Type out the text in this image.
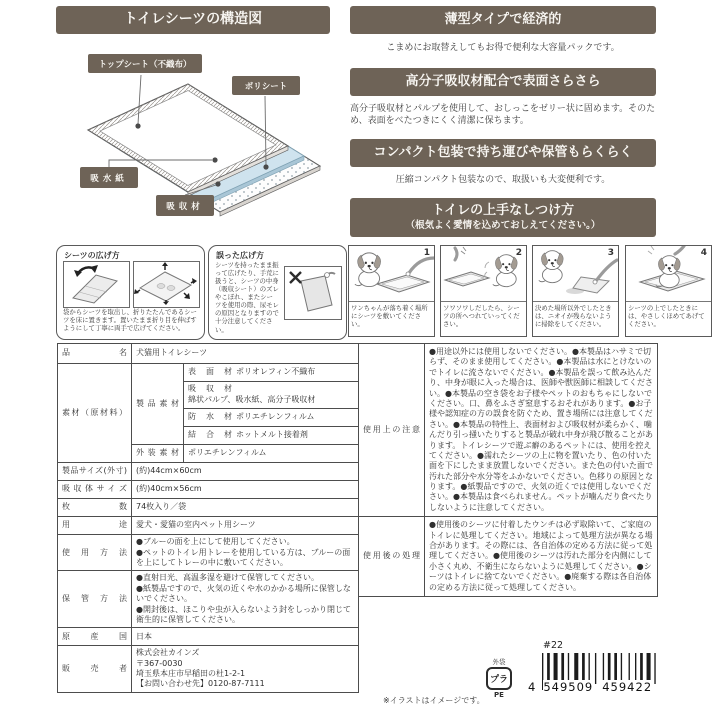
トイレシーツの構造図
トップシート（不織布）
ポリシート
吸水紙
吸収材
薄型タイプで経済的
こまめにお取替えしてもお得で便利な大容量パックです。
高分子吸収材配合で表面さらさら
高分子吸収材とパルプを使用して、おしっこをゼリー状に固めます。そのため、表面をべたつきにくく清潔に保ちます。
コンパクト包装で持ち運びや保管もらくらく
圧縮コンパクト包装なので、取扱いも大変便利です。
トイレの上手なしつけ方
（根気よく愛情を込めておしえてください。）
シーツの広げ方
袋からシーツを取出し、折りたたんであるシーツを床に置きます。置いたまま折り目を伸ばすようにして丁寧に両手で広げてください。
誤った広げ方
シーツを持ったまま振って広げたり、手荒に扱うと、シーツの中身（吸収シート）のズレやこぼれ、またシーツを使用の際、尿モレの原因となりますので十分注意してください。
1
ワンちゃんが落ち着く場所にシーツを敷いてください。
2
ソワソワしだしたら、シーツの所へつれていってください。
3
決めた場所以外でしたときは、ニオイが残らないように掃除をしてください。
4
シーツの上でしたときには、やさしくほめてあげてください。
品名	犬猫用トイレシーツ	

素材（原材料）	製品素材	表面材 ポリオレフィン不織布
		吸収材綿状パルプ、吸水紙、高分子吸収材
		防水材 ポリエチレンフィルム
		結合材 ホットメルト接着剤

	外装素材	ポリエチレンフィルム

製品サイズ(外寸)	(約)44cm×60cm	

吸収体サイズ	(約)40cm×56cm	

枚数	74枚入り／袋	

用途	愛犬・愛猫の室内ペット用シーツ	

使用方法	●ブルーの面を上にして使用してください。
●ペットのトイレ用トレーを使用している方は、ブルーの面を上にしてトレーの中に敷いてください。	

保管方法	●直射日光、高温多湿を避けて保管してください。
●紙製品ですので、火気の近くや水のかかる場所に保管しないでください。
●開封後は、ほこりや虫が入らないよう封をしっかり閉じて衛生的に保管してください。	

原産国	日本	

販売者	株式会社カインズ
〒367-0030
埼玉県本庄市早稲田の杜1-2-1
【お問い合わせ先】0120-87-7111	
使用上の注意	●用途以外には使用しないでください。●本製品はハサミで切らず、そのまま使用してください。●本製品は水にとけないのでトイレに流さないでください。●本製品を誤って飲み込んだり、中身が眼に入った場合は、医師や獣医師に相談してください。●本製品の空き袋をお子様やペットのおもちゃにしないでください。口、鼻をふさぎ窒息するおそれがあります。●お子様や認知症の方の誤食を防ぐため、置き場所には注意してください。●本製品の特性上、表面材および吸収材が柔らかく、噛んだり引っ掻いたりすると製品が破れ中身が飛び散ることがあります。トイレシーツで遊ぶ癖のあるペットには、使用を控えてください。●濡れたシーツの上に物を置いたり、色の付いた面を下にしたまま放置しないでください。また色の付いた面で汚れた部分や水分等をふかないでください。色移りの原因となります。●紙製品ですので、火気の近くでは使用しないでください。●本製品は食べられません。ペットが噛んだり食べたりしないように注意してください。

使用後の処理	●使用後のシーツに付着したウンチは必ず取除いて、ご家庭のトイレに処理してください。地域によって処理方法が異なる場合があります。その際には、各自治体の定める方法に従って処理してください。●使用後のシーツは汚れた部分を内側にして小さく丸め、不衛生にならないように処理してください。●シーツはトイレに捨てないでください。●廃棄する際は各自治体の定める方法に従って処理してください。
※イラストはイメージです。
外袋
プラ
PE
#22
4 549509 459422
